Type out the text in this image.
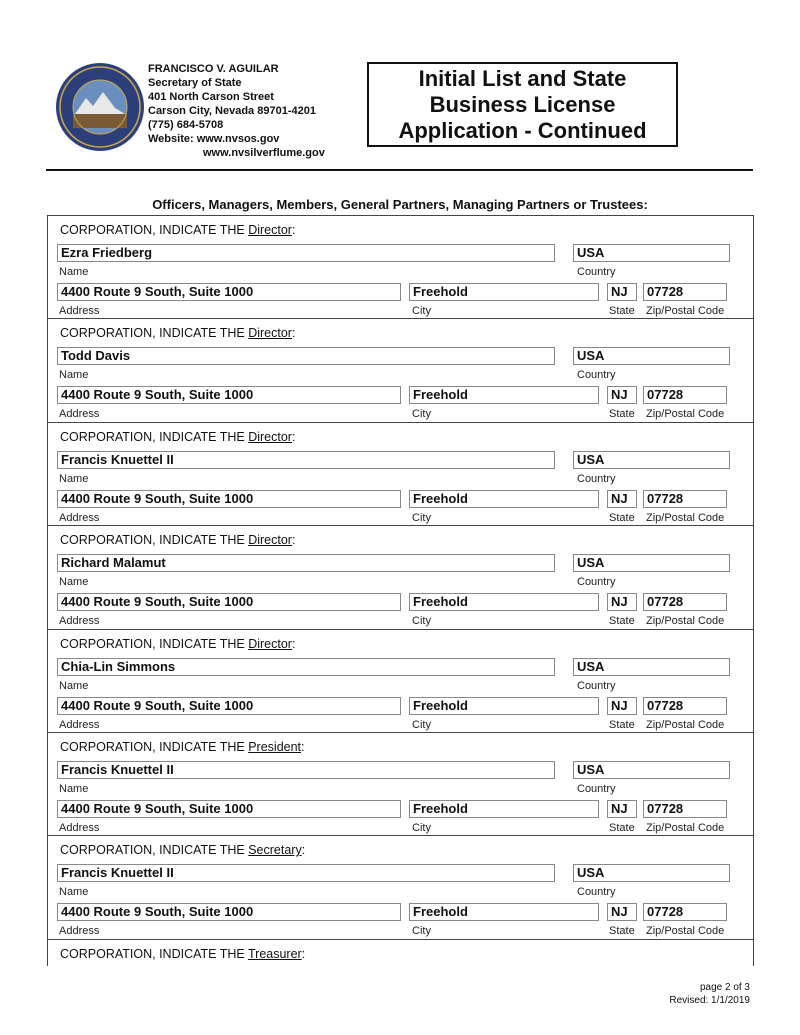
FRANCISCO V. AGUILAR
Secretary of State
401 North Carson Street
Carson City, Nevada 89701-4201
(775) 684-5708
Website: www.nvsos.gov
www.nvsilverflume.gov
Initial List and State
Business License
Application - Continued
Officers, Managers, Members, General Partners, Managing Partners or Trustees:
CORPORATION, INDICATE THE Director:
Ezra Friedberg	USA
Name	Country
4400 Route 9 South, Suite 1000	Freehold	NJ	07728
Address	City	State Zip/Postal Code
CORPORATION, INDICATE THE Director:
Todd Davis	USA
Name	Country
4400 Route 9 South, Suite 1000	Freehold	NJ	07728
Address	City	State Zip/Postal Code
CORPORATION, INDICATE THE Director:
Francis Knuettel II	USA
Name	Country
4400 Route 9 South, Suite 1000	Freehold	NJ	07728
Address	City	State Zip/Postal Code
CORPORATION, INDICATE THE Director:
Richard Malamut	USA
Name	Country
4400 Route 9 South, Suite 1000	Freehold	NJ	07728
Address	City	State Zip/Postal Code
CORPORATION, INDICATE THE Director:
Chia-Lin Simmons	USA
Name	Country
4400 Route 9 South, Suite 1000	Freehold	NJ	07728
Address	City	State Zip/Postal Code
CORPORATION, INDICATE THE President:
Francis Knuettel II	USA
Name	Country
4400 Route 9 South, Suite 1000	Freehold	NJ	07728
Address	City	State Zip/Postal Code
CORPORATION, INDICATE THE Secretary:
Francis Knuettel II	USA
Name	Country
4400 Route 9 South, Suite 1000	Freehold	NJ	07728
Address	City	State Zip/Postal Code
CORPORATION, INDICATE THE Treasurer:
page 2 of 3
Revised: 1/1/2019
